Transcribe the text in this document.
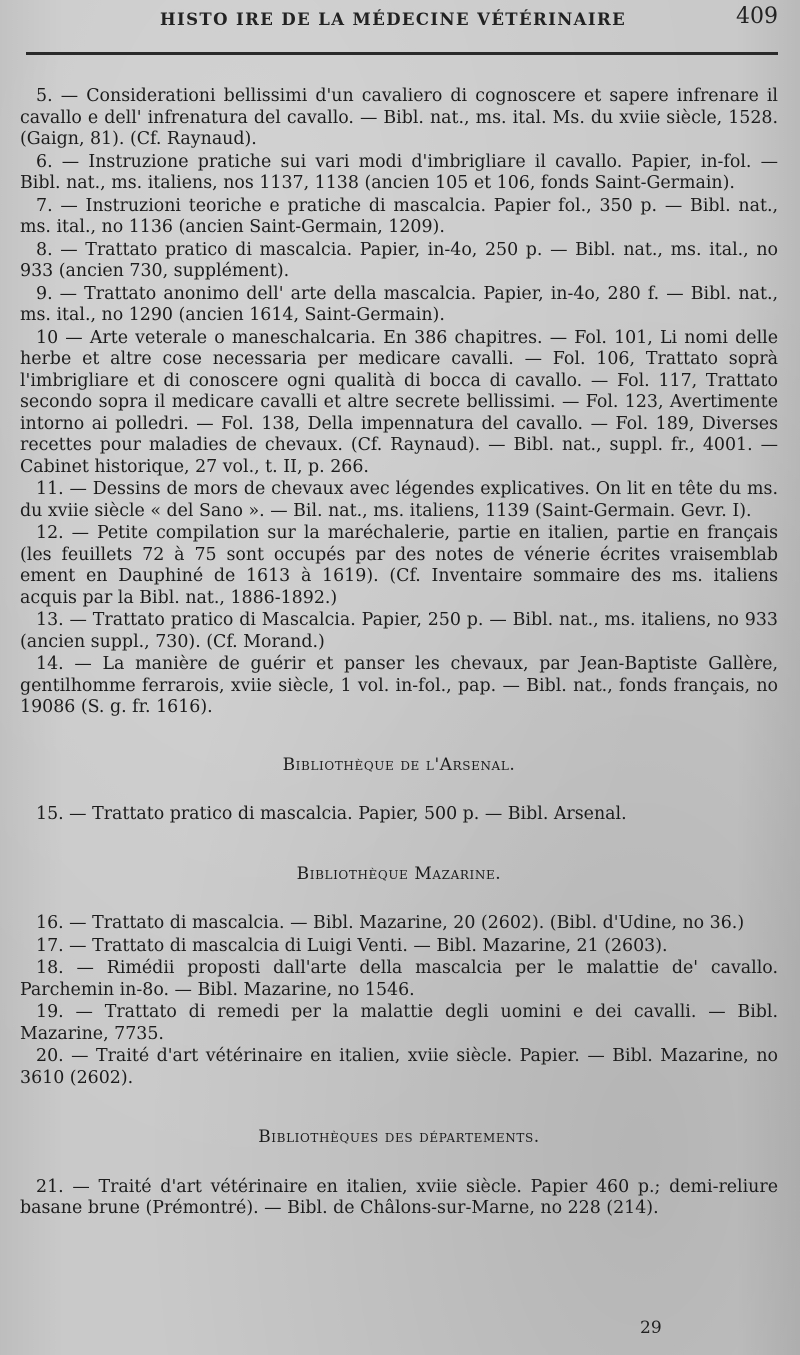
HISTO IRE DE LA MÉDECINE VÉTÉRINAIRE	409

5. — Considerationi bellissimi d'un cavaliero di cognoscere et sapere infrenare il cavallo e dell' infrenatura del cavallo. — Bibl. nat., ms. ital. Ms. du xviie siècle, 1528. (Gaign, 81). (Cf. Raynaud).

6. — Instruzione pratiche sui vari modi d'imbrigliare il cavallo. Papier, in-fol. — Bibl. nat., ms. italiens, nos 1137, 1138 (ancien 105 et 106, fonds Saint-Germain).

7. — Instruzioni teoriche e pratiche di mascalcia. Papier fol., 350 p. — Bibl. nat., ms. ital., no 1136 (ancien Saint-Germain, 1209).

8. — Trattato pratico di mascalcia. Papier, in-4o, 250 p. — Bibl. nat., ms. ital., no 933 (ancien 730, supplément).

9. — Trattato anonimo dell' arte della mascalcia. Papier, in-4o, 280 f. — Bibl. nat., ms. ital., no 1290 (ancien 1614, Saint-Germain).

10 — Arte veterale o maneschalcaria. En 386 chapitres. — Fol. 101, Li nomi delle herbe et altre cose necessaria per medicare cavalli. — Fol. 106, Trattato soprà l'imbrigliare et di conoscere ogni qualità di bocca di cavallo. — Fol. 117, Trattato secondo sopra il medicare cavalli et altre secrete bellissimi. — Fol. 123, Avertimente intorno ai polledri. — Fol. 138, Della impennatura del cavallo. — Fol. 189, Diverses recettes pour maladies de chevaux. (Cf. Raynaud). — Bibl. nat., suppl. fr., 4001. — Cabinet historique, 27 vol., t. II, p. 266.

11. — Dessins de mors de chevaux avec légendes explicatives. On lit en tête du ms. du xviie siècle « del Sano ». — Bil. nat., ms. italiens, 1139 (Saint-Germain. Gevr. I).

12. — Petite compilation sur la maréchalerie, partie en italien, partie en français (les feuillets 72 à 75 sont occupés par des notes de vénerie écrites vraisemblab ement en Dauphiné de 1613 à 1619). (Cf. Inventaire sommaire des ms. italiens acquis par la Bibl. nat., 1886-1892.)

13. — Trattato pratico di Mascalcia. Papier, 250 p. — Bibl. nat., ms. italiens, no 933 (ancien suppl., 730). (Cf. Morand.)

14. — La manière de guérir et panser les chevaux, par Jean-Baptiste Gallère, gentilhomme ferrarois, xviie siècle, 1 vol. in-fol., pap. — Bibl. nat., fonds français, no 19086 (S. g. fr. 1616).

Bibliothèque de l'Arsenal.

15. — Trattato pratico di mascalcia. Papier, 500 p. — Bibl. Arsenal.

Bibliothèque Mazarine.

16. — Trattato di mascalcia. — Bibl. Mazarine, 20 (2602). (Bibl. d'Udine, no 36.)

17. — Trattato di mascalcia di Luigi Venti. — Bibl. Mazarine, 21 (2603).

18. — Rimédii proposti dall'arte della mascalcia per le malattie de' cavallo. Parchemin in-8o. — Bibl. Mazarine, no 1546.

19. — Trattato di remedi per la malattie degli uomini e dei cavalli. — Bibl. Mazarine, 7735.

20. — Traité d'art vétérinaire en italien, xviie siècle. Papier. — Bibl. Mazarine, no 3610 (2602).

Bibliothèques des départements.

21. — Traité d'art vétérinaire en italien, xviie siècle. Papier 460 p.; demi-reliure basane brune (Prémontré). — Bibl. de Châlons-sur-Marne, no 228 (214).

29
